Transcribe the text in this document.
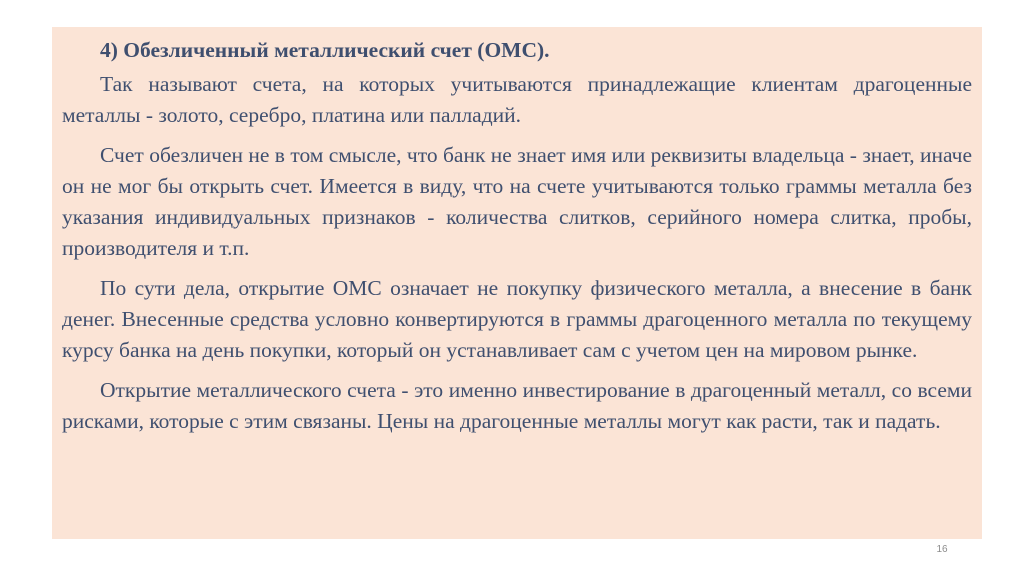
4) Обезличенный металлический счет (ОМС).

Так называют счета, на которых учитываются принадлежащие клиентам драгоценные металлы - золото, серебро, платина или палладий.

Счет обезличен не в том смысле, что банк не знает имя или реквизиты владельца - знает, иначе он не мог бы открыть счет. Имеется в виду, что на счете учитываются только граммы металла без указания индивидуальных признаков - количества слитков, серийного номера слитка, пробы, производителя и т.п.

По сути дела, открытие ОМС означает не покупку физического металла, а внесение в банк денег. Внесенные средства условно конвертируются в граммы драгоценного металла по текущему курсу банка на день покупки, который он устанавливает сам с учетом цен на мировом рынке.

Открытие металлического счета - это именно инвестирование в драгоценный металл, со всеми рисками, которые с этим связаны. Цены на драгоценные металлы могут как расти, так и падать.

16
